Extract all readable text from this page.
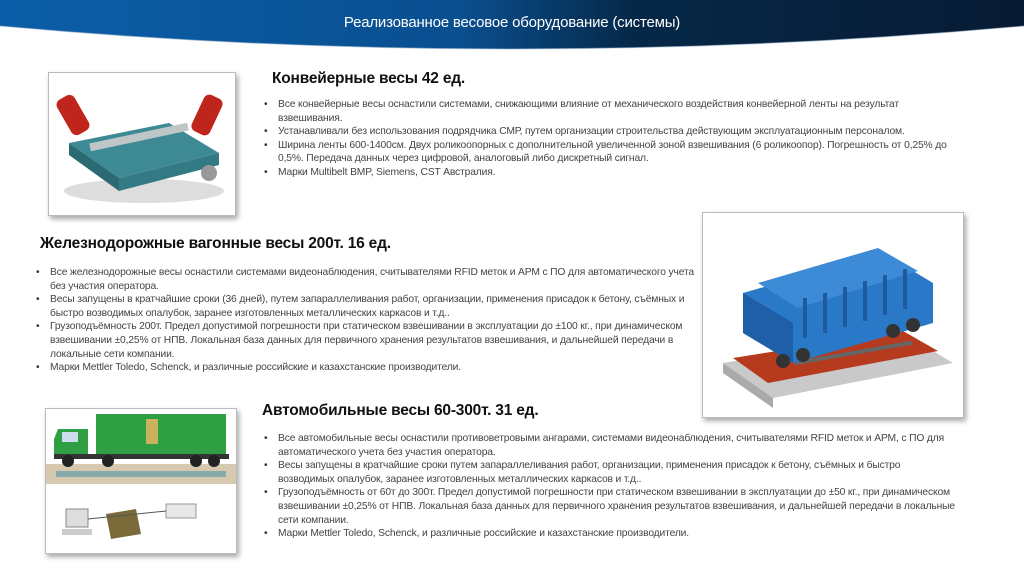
Реализованное весовое оборудование (системы)
Конвейерные весы 42 ед.
• Все конвейерные весы оснастили системами, снижающими влияние от механического воздействия конвейерной ленты на результат взвешивания.
• Устанавливали без использования подрядчика СМР, путем организации строительства действующим эксплуатационным персоналом.
• Ширина ленты 600-1400см. Двух роликоопорных с дополнительной увеличенной зоной взвешивания (6 роликоопор). Погрешность от 0,25% до 0,5%. Передача данных через цифровой, аналоговый либо дискретный сигнал.
• Марки Multibelt BMP, Siemens, CST Австралия.
Железнодорожные вагонные весы 200т. 16 ед.
• Все железнодорожные весы оснастили системами видеонаблюдения, считывателями RFID меток и АРМ с ПО для автоматического учета без участия оператора.
• Весы запущены в кратчайшие сроки (36 дней), путем запараллеливания работ, организации, применения присадок к бетону, съёмных и быстро возводимых опалубок, заранее изготовленных металлических каркасов и т.д..
• Грузоподъёмность 200т. Предел допустимой погрешности при статическом взвешивании в эксплуатации до ±100 кг., при динамическом взвешивании ±0,25% от НПВ. Локальная база данных для первичного хранения результатов взвешивания, и дальнейшей передачи в локальные сети компании.
• Марки Mettler Toledo, Schenck, и различные российские и казахстанские производители.
Автомобильные весы 60-300т. 31 ед.
• Все автомобильные весы оснастили противоветровыми ангарами, системами видеонаблюдения, считывателями RFID меток и АРМ, с ПО для автоматического учета без участия оператора.
• Весы запущены в кратчайшие сроки путем запараллеливания работ, организации, применения присадок к бетону, съёмных и быстро возводимых опалубок, заранее изготовленных металлических каркасов и т.д..
• Грузоподъёмность от 60т до 300т. Предел допустимой погрешности при статическом взвешивании в эксплуатации до ±50 кг., при динамическом взвешивании ±0,25% от НПВ. Локальная база данных для первичного хранения результатов взвешивания, и дальнейшей передачи в локальные сети компании.
• Марки Mettler Toledo, Schenck, и различные российские и казахстанские производители.
